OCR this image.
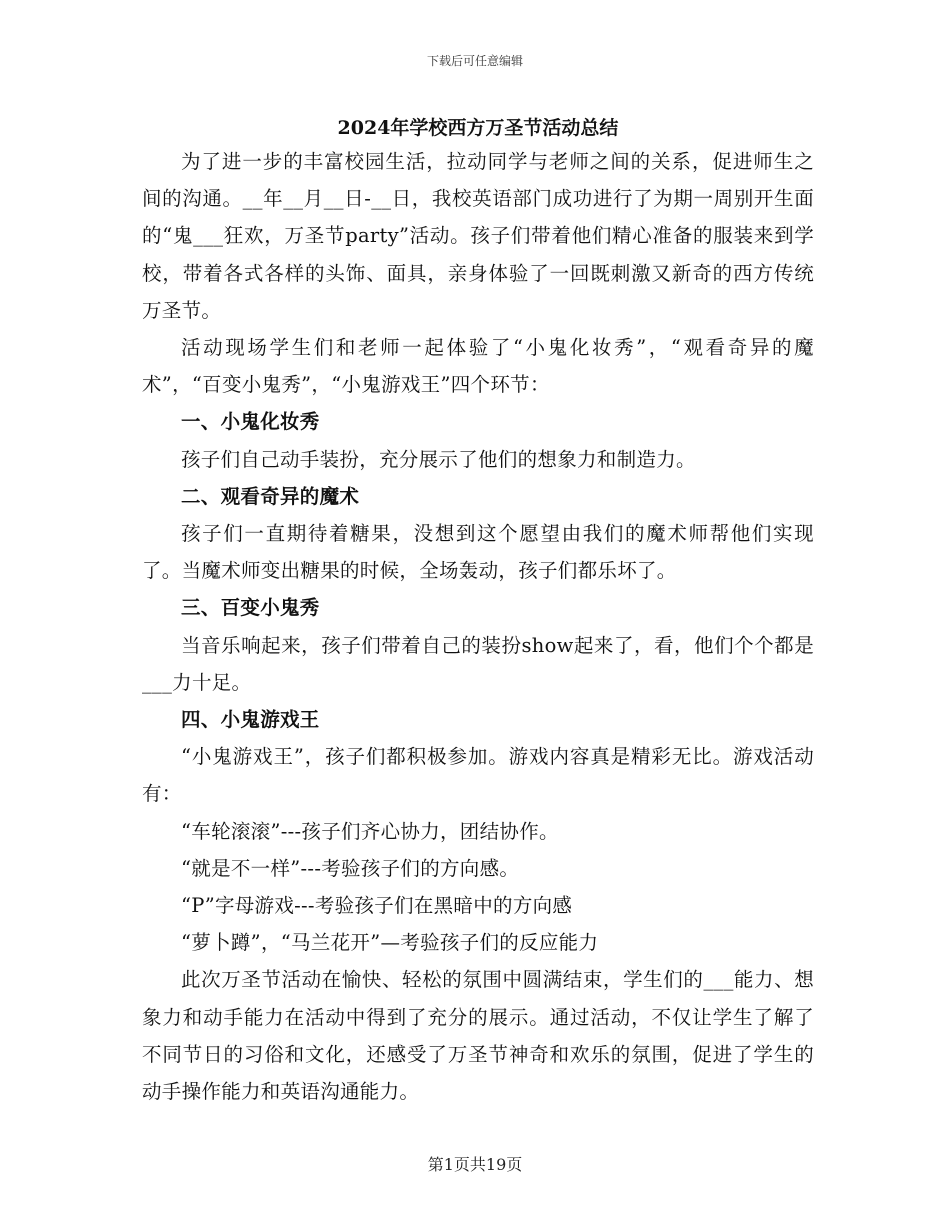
下载后可任意编辑
2024年学校西方万圣节活动总结

为了进一步的丰富校园生活，拉动同学与老师之间的关系，促进师生之间的沟通。__年__月__日-__日，我校英语部门成功进行了为期一周别开生面的“鬼___狂欢，万圣节party”活动。孩子们带着他们精心准备的服装来到学校，带着各式各样的头饰、面具，亲身体验了一回既刺激又新奇的西方传统万圣节。

活动现场学生们和老师一起体验了“小鬼化妆秀”，“观看奇异的魔术”，“百变小鬼秀”，“小鬼游戏王”四个环节：

一、小鬼化妆秀

孩子们自己动手装扮，充分展示了他们的想象力和制造力。

二、观看奇异的魔术

孩子们一直期待着糖果，没想到这个愿望由我们的魔术师帮他们实现了。当魔术师变出糖果的时候，全场轰动，孩子们都乐坏了。

三、百变小鬼秀

当音乐响起来，孩子们带着自己的装扮show起来了，看，他们个个都是___力十足。

四、小鬼游戏王

“小鬼游戏王”，孩子们都积极参加。游戏内容真是精彩无比。游戏活动有：

“车轮滚滚”---孩子们齐心协力，团结协作。

“就是不一样”---考验孩子们的方向感。

“P”字母游戏---考验孩子们在黑暗中的方向感

“萝卜蹲”，“马兰花开”—考验孩子们的反应能力

此次万圣节活动在愉快、轻松的氛围中圆满结束，学生们的___能力、想象力和动手能力在活动中得到了充分的展示。通过活动，不仅让学生了解了不同节日的习俗和文化，还感受了万圣节神奇和欢乐的氛围，促进了学生的动手操作能力和英语沟通能力。

第1页共19页
